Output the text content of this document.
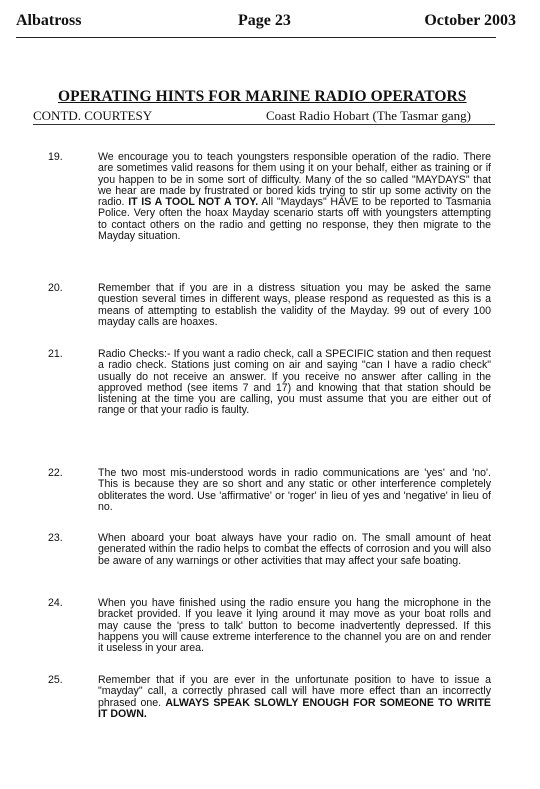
Albatross	Page 23	October 2003
OPERATING HINTS FOR MARINE RADIO OPERATORS
CONTD. COURTESY	Coast Radio Hobart (The Tasmar gang)
19.	We encourage you to teach youngsters responsible operation of the radio. There are sometimes valid reasons for them using it on your behalf, either as training or if you happen to be in some sort of difficulty. Many of the so called "MAYDAYS" that we hear are made by frustrated or bored kids trying to stir up some activity on the radio. IT IS A TOOL NOT A TOY. All "Maydays" HAVE to be reported to Tasmania Police. Very often the hoax Mayday scenario starts off with youngsters attempting to contact others on the radio and getting no response, they then migrate to the Mayday situation.
20.	Remember that if you are in a distress situation you may be asked the same question several times in different ways, please respond as requested as this is a means of attempting to establish the validity of the Mayday. 99 out of every 100 mayday calls are hoaxes.
21.	Radio Checks:- If you want a radio check, call a SPECIFIC station and then request a radio check. Stations just coming on air and saying "can I have a radio check" usually do not receive an answer. If you receive no answer after calling in the approved method (see items 7 and 17) and knowing that that station should be listening at the time you are calling, you must assume that you are either out of range or that your radio is faulty.
22.	The two most mis-understood words in radio communications are 'yes' and 'no'. This is because they are so short and any static or other interference completely obliterates the word. Use 'affirmative' or 'roger' in lieu of yes and 'negative' in lieu of no.
23.	When aboard your boat always have your radio on. The small amount of heat generated within the radio helps to combat the effects of corrosion and you will also be aware of any warnings or other activities that may affect your safe boating.
24.	When you have finished using the radio ensure you hang the microphone in the bracket provided. If you leave it lying around it may move as your boat rolls and may cause the 'press to talk' button to become inadvertently depressed. If this happens you will cause extreme interference to the channel you are on and render it useless in your area.
25.	Remember that if you are ever in the unfortunate position to have to issue a "mayday" call, a correctly phrased call will have more effect than an incorrectly phrased one. ALWAYS SPEAK SLOWLY ENOUGH FOR SOMEONE TO WRITE IT DOWN.
